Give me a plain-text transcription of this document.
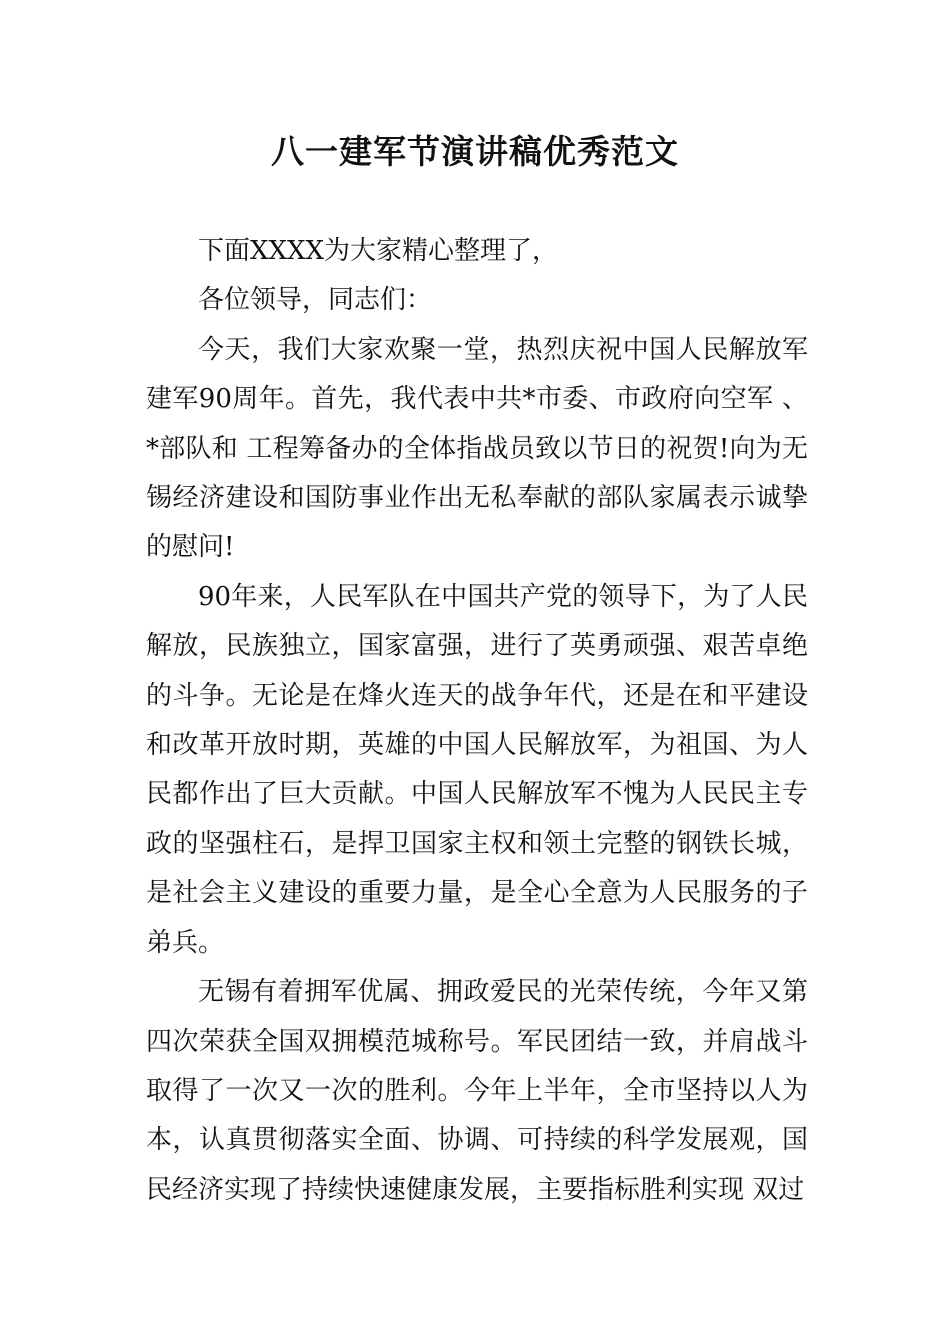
八一建军节演讲稿优秀范文

下面XXXX为大家精心整理了，

各位领导，同志们：

今天，我们大家欢聚一堂，热烈庆祝中国人民解放军建军90周年。首先，我代表中共*市委、市政府向空军 、*部队和 工程筹备办的全体指战员致以节日的祝贺!向为无锡经济建设和国防事业作出无私奉献的部队家属表示诚挚的慰问!

90年来，人民军队在中国共产党的领导下，为了人民解放，民族独立，国家富强，进行了英勇顽强、艰苦卓绝的斗争。无论是在烽火连天的战争年代，还是在和平建设和改革开放时期，英雄的中国人民解放军，为祖国、为人民都作出了巨大贡献。中国人民解放军不愧为人民民主专政的坚强柱石，是捍卫国家主权和领土完整的钢铁长城，是社会主义建设的重要力量，是全心全意为人民服务的子弟兵。

无锡有着拥军优属、拥政爱民的光荣传统，今年又第四次荣获全国双拥模范城称号。军民团结一致，并肩战斗取得了一次又一次的胜利。今年上半年，全市坚持以人为本，认真贯彻落实全面、协调、可持续的科学发展观，国民经济实现了持续快速健康发展，主要指标胜利实现 双过
